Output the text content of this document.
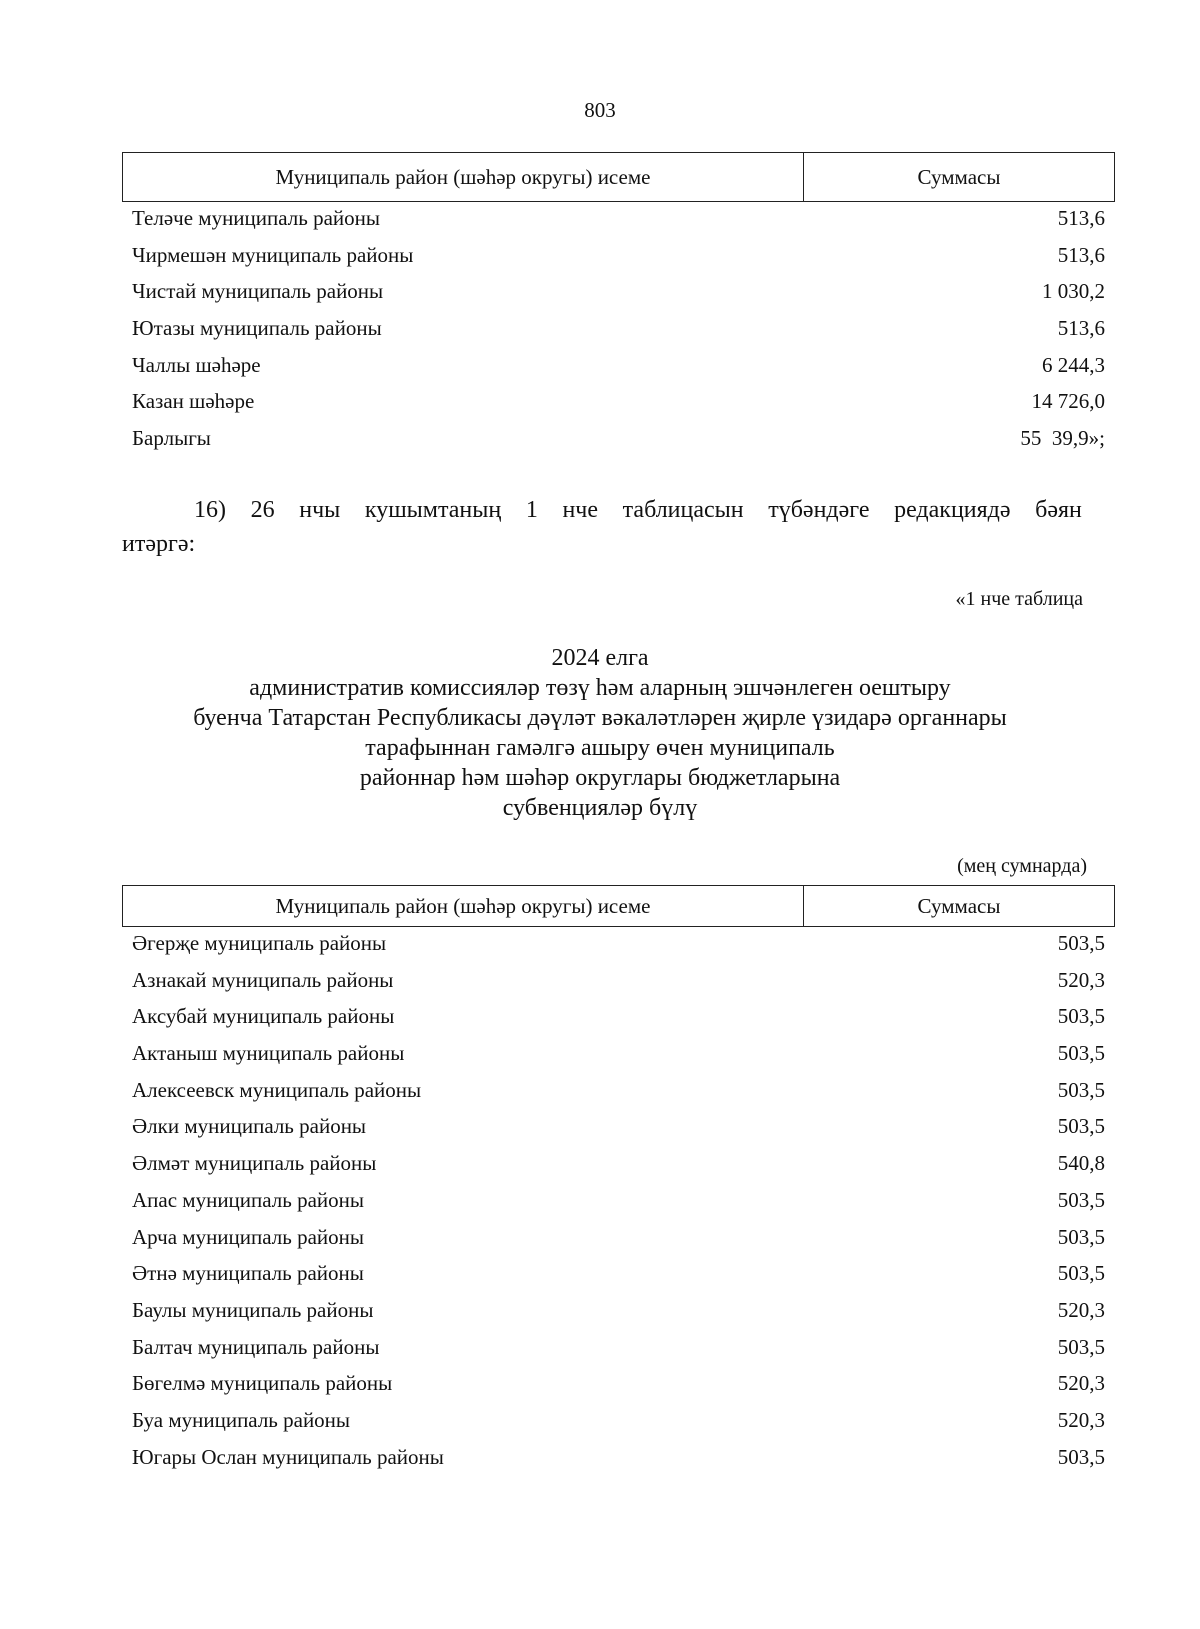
803
Муниципаль район (шәһәр округы) исеме	Суммасы
Теләче муниципаль районы	513,6
Чирмешән муниципаль районы	513,6
Чистай муниципаль районы	1 030,2
Ютазы муниципаль районы	513,6
Чаллы шәһәре	6 244,3
Казан шәһәре	14 726,0
Барлыгы	55  39,9»;
16) 26 нчы кушымтаның 1 нче таблицасын түбәндәге редакциядә бәян
итәргә:
«1 нче таблица
2024 елга
административ комиссияләр төзү һәм аларның эшчәнлеген оештыру
буенча Татарстан Республикасы дәүләт вәкаләтләрен җирле үзидарә органнары
тарафыннан гамәлгә ашыру өчен муниципаль
районнар һәм шәһәр округлары бюджетларына
субвенцияләр бүлү
(мең сумнарда)
Муниципаль район (шәһәр округы) исеме	Суммасы
Әгерҗе муниципаль районы	503,5
Азнакай муниципаль районы	520,3
Аксубай муниципаль районы	503,5
Актаныш муниципаль районы	503,5
Алексеевск муниципаль районы	503,5
Әлки муниципаль районы	503,5
Әлмәт муниципаль районы	540,8
Апас муниципаль районы	503,5
Арча муниципаль районы	503,5
Әтнә муниципаль районы	503,5
Баулы муниципаль районы	520,3
Балтач муниципаль районы	503,5
Бөгелмә муниципаль районы	520,3
Буа муниципаль районы	520,3
Югары Ослан муниципаль районы	503,5
